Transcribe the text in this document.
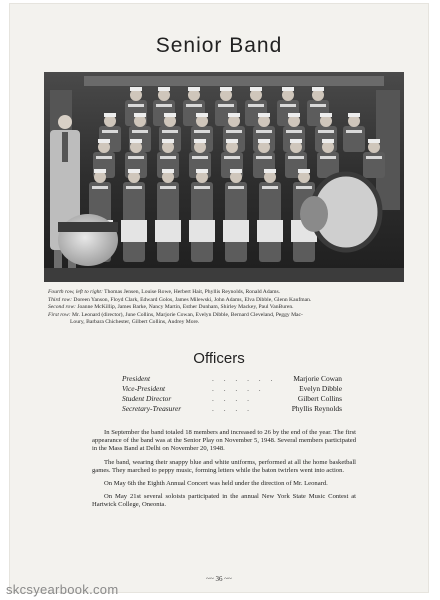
Senior Band
Fourth row, left to right: Thomas Jensen, Louise Rowe, Herbert Hait, Phyllis Reynolds, Ronald Adams.
Third row: Doreen Yanson, Floyd Clark, Edward Golos, James Milewski, John Adams, Elva Dibble, Glenn Kaufman.
Second row: Joanne McKillip, James Barke, Nancy Martin, Esther Dunham, Shirley Mackey, Paul VanBuren.
First row: Mr. Leonard (director), June Collins, Marjorie Cowan, Evelyn Dibble, Bernard Cleveland, Peggy Mac-
Loury, Barbara Chichester, Gilbert Collins, Audrey More.
Officers
President	. . . . . . Marjorie Cowan
Vice-President	. . . . .	Evelyn Dibble
Student Director	. . . .	Gilbert Collins
Secretary-Treasurer	. . . .	Phyllis Reynolds

In September the band totaled 18 members and increased to 26 by the end of the year. The first appearance of the band was at the Senior Play on November 5, 1948. Several members participated in the Mass Band at Delhi on November 20, 1948.

The band, wearing their snappy blue and white uniforms, performed at all the home basketball games. They marched to peppy music, forming letters while the baton twirlers went into action.

On May 6th the Eighth Annual Concert was held under the direction of Mr. Leonard.

On May 21st several soloists participated in the annual New York State Music Contest at Hartwick College, Oneonta.

~~ 36 ~~
skcsyearbook.com
